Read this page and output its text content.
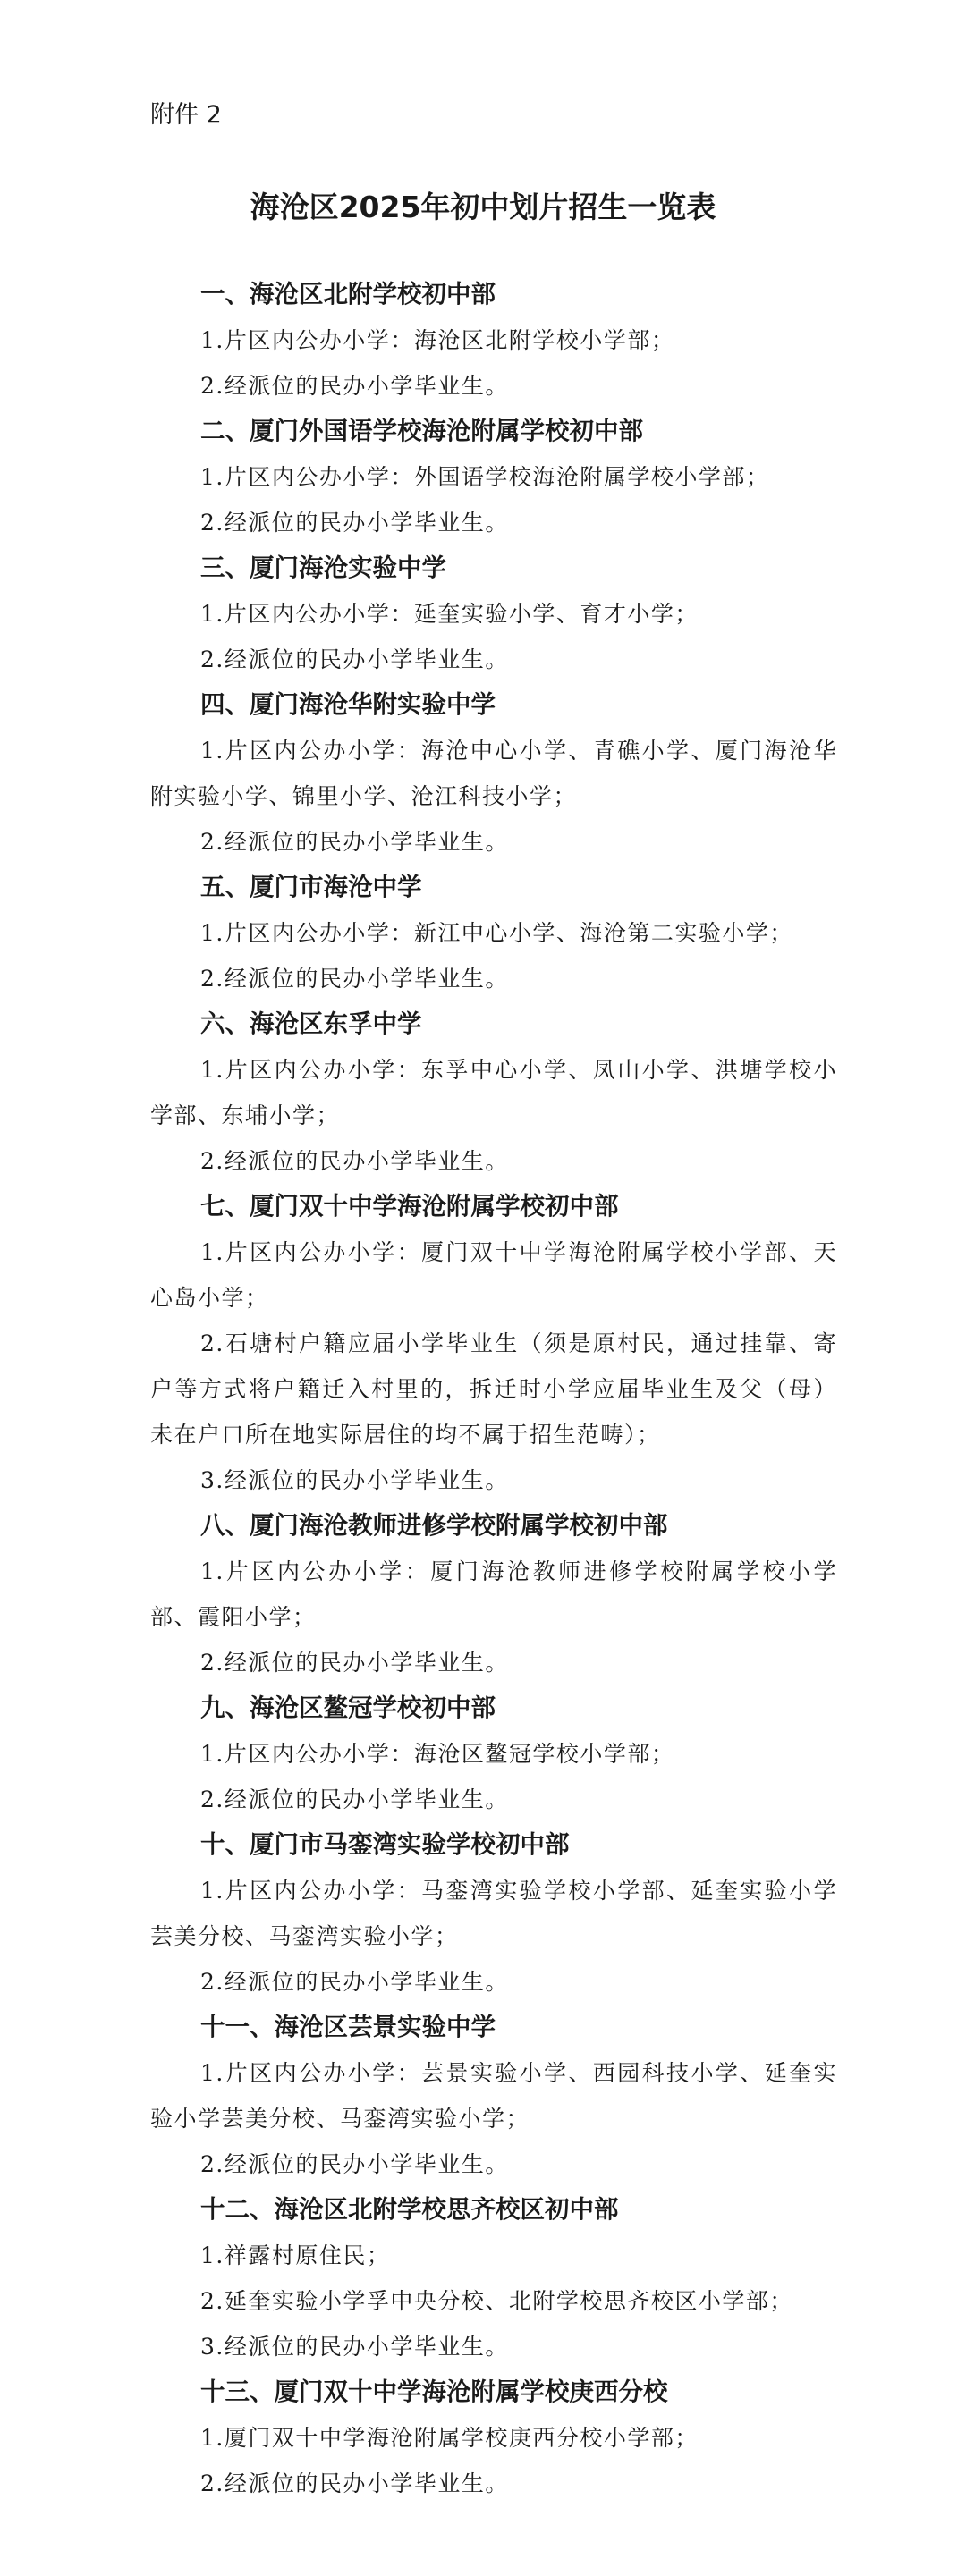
附件 2
海沧区2025年初中划片招生一览表
一、海沧区北附学校初中部
1.片区内公办小学：海沧区北附学校小学部；
2.经派位的民办小学毕业生。
二、厦门外国语学校海沧附属学校初中部
1.片区内公办小学：外国语学校海沧附属学校小学部；
2.经派位的民办小学毕业生。
三、厦门海沧实验中学
1.片区内公办小学：延奎实验小学、育才小学；
2.经派位的民办小学毕业生。
四、厦门海沧华附实验中学
1.片区内公办小学：海沧中心小学、青礁小学、厦门海沧华附实验小学、锦里小学、沧江科技小学；
2.经派位的民办小学毕业生。
五、厦门市海沧中学
1.片区内公办小学：新江中心小学、海沧第二实验小学；
2.经派位的民办小学毕业生。
六、海沧区东孚中学
1.片区内公办小学：东孚中心小学、凤山小学、洪塘学校小学部、东埔小学；
2.经派位的民办小学毕业生。
七、厦门双十中学海沧附属学校初中部
1.片区内公办小学：厦门双十中学海沧附属学校小学部、天心岛小学；
2.石塘村户籍应届小学毕业生（须是原村民，通过挂靠、寄户等方式将户籍迁入村里的，拆迁时小学应届毕业生及父（母）未在户口所在地实际居住的均不属于招生范畴）；
3.经派位的民办小学毕业生。
八、厦门海沧教师进修学校附属学校初中部
1.片区内公办小学：厦门海沧教师进修学校附属学校小学部、霞阳小学；
2.经派位的民办小学毕业生。
九、海沧区鳌冠学校初中部
1.片区内公办小学：海沧区鳌冠学校小学部；
2.经派位的民办小学毕业生。
十、厦门市马銮湾实验学校初中部
1.片区内公办小学：马銮湾实验学校小学部、延奎实验小学芸美分校、马銮湾实验小学；
2.经派位的民办小学毕业生。
十一、海沧区芸景实验中学
1.片区内公办小学：芸景实验小学、西园科技小学、延奎实验小学芸美分校、马銮湾实验小学；
2.经派位的民办小学毕业生。
十二、海沧区北附学校思齐校区初中部
1.祥露村原住民；
2.延奎实验小学孚中央分校、北附学校思齐校区小学部；
3.经派位的民办小学毕业生。
十三、厦门双十中学海沧附属学校庚西分校
1.厦门双十中学海沧附属学校庚西分校小学部；
2.经派位的民办小学毕业生。
